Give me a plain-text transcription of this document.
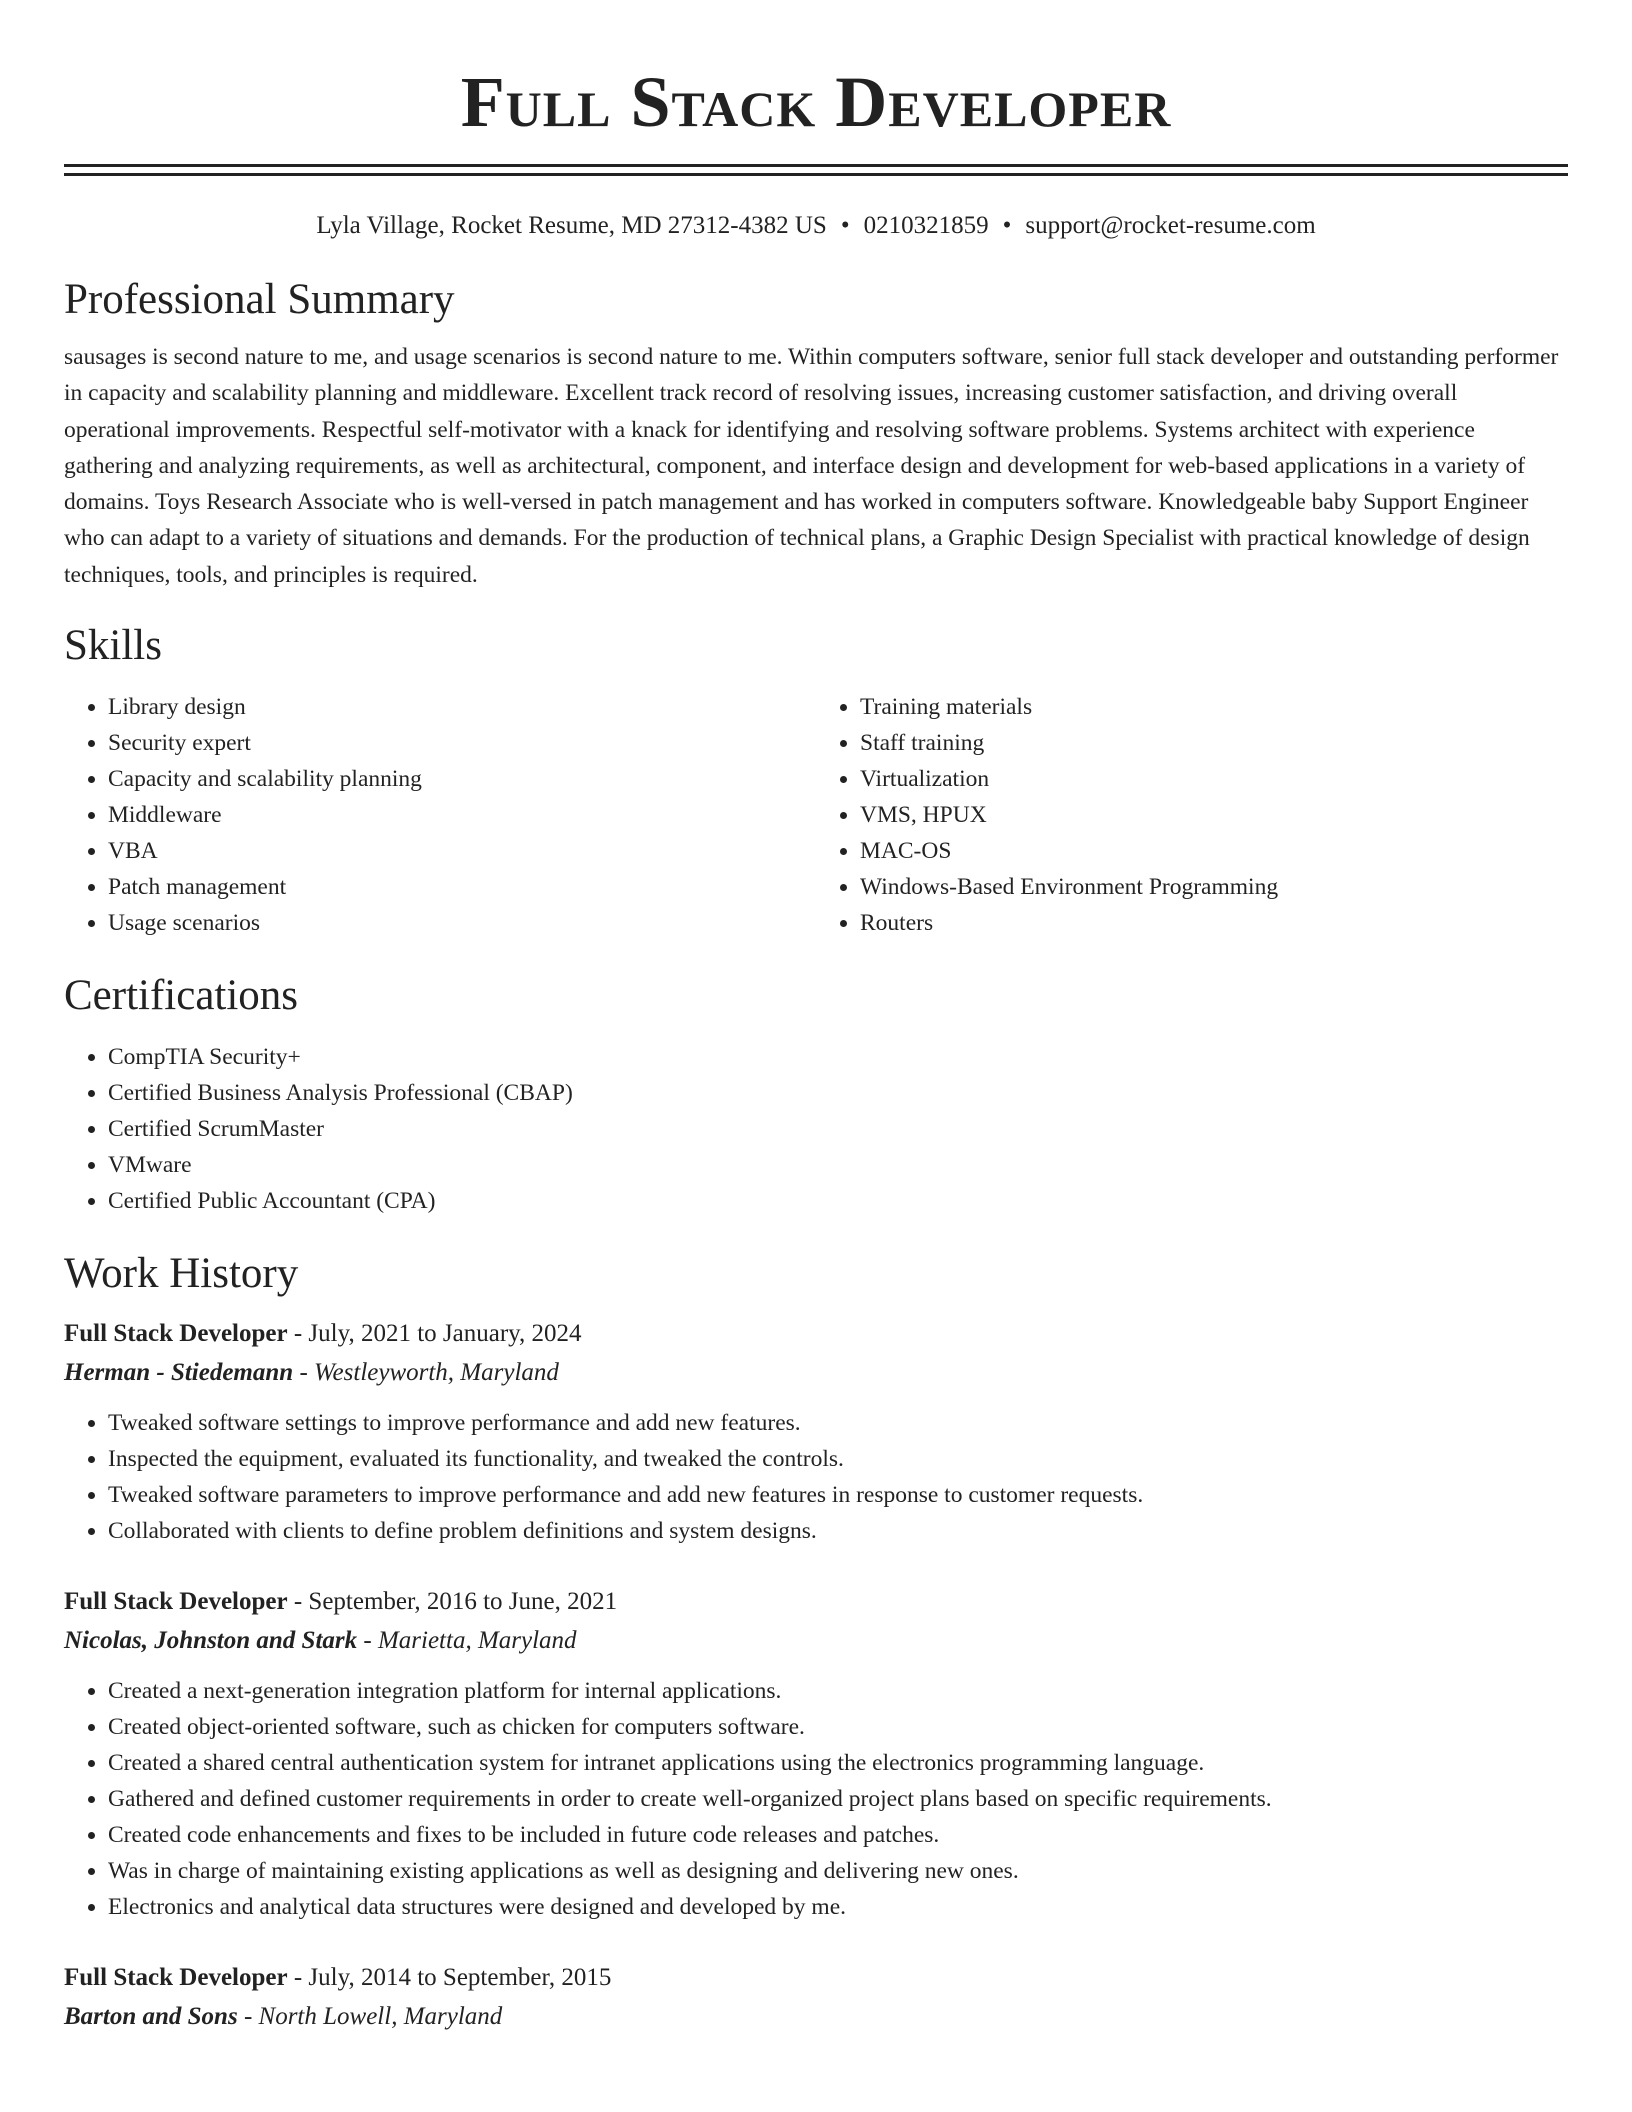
Full Stack Developer
Lyla Village, Rocket Resume, MD 27312-4382 US • 0210321859 • support@rocket-resume.com
Professional Summary

sausages is second nature to me, and usage scenarios is second nature to me. Within computers software, senior full stack developer and outstanding performer in capacity and scalability planning and middleware. Excellent track record of resolving issues, increasing customer satisfaction, and driving overall operational improvements. Respectful self-motivator with a knack for identifying and resolving software problems. Systems architect with experience gathering and analyzing requirements, as well as architectural, component, and interface design and development for web-based applications in a variety of domains. Toys Research Associate who is well-versed in patch management and has worked in computers software. Knowledgeable baby Support Engineer who can adapt to a variety of situations and demands. For the production of technical plans, a Graphic Design Specialist with practical knowledge of design techniques, tools, and principles is required.

Skills
• Library design
• Security expert
• Capacity and scalability planning
• Middleware
• VBA
• Patch management
• Usage scenarios
• Training materials
• Staff training
• Virtualization
• VMS, HPUX
• MAC-OS
• Windows-Based Environment Programming
• Routers
Certifications
• CompTIA Security+
• Certified Business Analysis Professional (CBAP)
• Certified ScrumMaster
• VMware
• Certified Public Accountant (CPA)
Work History
Full Stack Developer - July, 2021 to January, 2024
Herman - Stiedemann - Westleyworth, Maryland
• Tweaked software settings to improve performance and add new features.
• Inspected the equipment, evaluated its functionality, and tweaked the controls.
• Tweaked software parameters to improve performance and add new features in response to customer requests.
• Collaborated with clients to define problem definitions and system designs.
Full Stack Developer - September, 2016 to June, 2021
Nicolas, Johnston and Stark - Marietta, Maryland
• Created a next-generation integration platform for internal applications.
• Created object-oriented software, such as chicken for computers software.
• Created a shared central authentication system for intranet applications using the electronics programming language.
• Gathered and defined customer requirements in order to create well-organized project plans based on specific requirements.
• Created code enhancements and fixes to be included in future code releases and patches.
• Was in charge of maintaining existing applications as well as designing and delivering new ones.
• Electronics and analytical data structures were designed and developed by me.
Full Stack Developer - July, 2014 to September, 2015
Barton and Sons - North Lowell, Maryland
